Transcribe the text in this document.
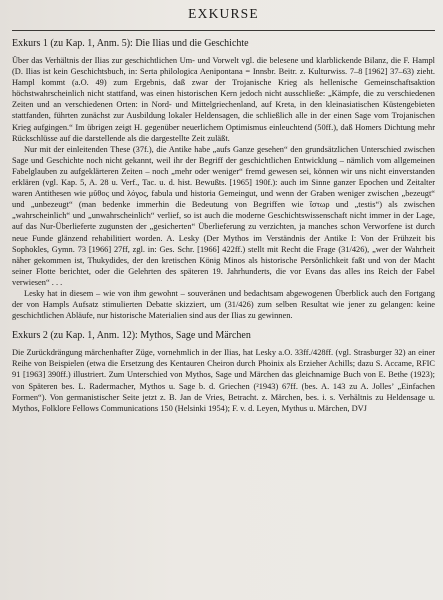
EXKURSE
Exkurs 1 (zu Kap. 1, Anm. 5): Die Ilias und die Geschichte

Über das Verhältnis der Ilias zur geschichtlichen Um- und Vorwelt vgl. die belesene und klarblickende Bilanz, die F. Hampl (D. Ilias ist kein Geschichtsbuch, in: Serta philologica Aenipontana = Innsbr. Beitr. z. Kulturwiss. 7–8 [1962] 37–63) zieht. Hampl kommt (a.O. 49) zum Ergebnis, daß zwar der Trojanische Krieg als hellenische Gemeinschaftsaktion höchstwahrscheinlich nicht stattfand, was einen historischen Kern jedoch nicht ausschließe: „Kämpfe, die zu verschiedenen Zeiten und an verschiedenen Orten: in Nord- und Mittelgriechenland, auf Kreta, in den kleinasiatischen Küstengebieten stattfanden, führten zunächst zur Ausbildung lokaler Heldensagen, die schließlich alle in der einen Sage vom Trojanischen Krieg aufgingen.“ Im übrigen zeigt H. gegenüber neuerlichem Optimismus einleuchtend (50ff.), daß Homers Dichtung mehr Rückschlüsse auf die darstellende als die dargestellte Zeit zuläßt.

Nur mit der einleitenden These (37f.), die Antike habe „aufs Ganze gesehen“ den grundsätzlichen Unterschied zwischen Sage und Geschichte noch nicht gekannt, weil ihr der Begriff der geschichtlichen Entwicklung – nämlich vom allgemeinen Fabelglauben zu aufgeklärteren Zeiten – noch „mehr oder weniger“ fremd gewesen sei, können wir uns nicht einverstanden erklären (vgl. Kap. 5, A. 28 u. Verf., Tac. u. d. hist. Bewußts. [1965] 190f.): auch im Sinne ganzer Epochen und Zeitalter waren Antithesen wie μῦθος und λόγος, fabula und historia Gemeingut, und wenn der Graben weniger zwischen „bezeugt“ und „unbezeugt“ (man bedenke immerhin die Bedeutung von Begriffen wie ἵστωρ und „testis“) als zwischen „wahrscheinlich“ und „unwahrscheinlich“ verlief, so ist auch die moderne Geschichtswissenschaft nicht immer in der Lage, auf das Nur-Überlieferte zugunsten der „gesicherten“ Überlieferung zu verzichten, ja manches schon Verworfene ist durch neue Funde glänzend rehabilitiert worden. A. Lesky (Der Mythos im Verständnis der Antike I: Von der Frühzeit bis Sophokles, Gymn. 73 [1966] 27ff, zgl. in: Ges. Schr. [1966] 422ff.) stellt mit Recht die Frage (31/426), „wer der Wahrheit näher gekommen ist, Thukydides, der den kretischen König Minos als historische Persönlichkeit faßt und von der Macht seiner Flotte berichtet, oder die Gelehrten des späteren 19. Jahrhunderts, die vor Evans das alles ins Reich der Fabel verwiesen“ . . .

Lesky hat in diesem – wie von ihm gewohnt – souveränen und bedachtsam abgewogenen Überblick auch den Fortgang der von Hampls Aufsatz stimulierten Debatte skizziert, um (31/426) zum selben Resultat wie jener zu gelangen: keine geschichtlichen Abläufe, nur historische Materialien sind aus der Ilias zu gewinnen.

Exkurs 2 (zu Kap. 1, Anm. 12): Mythos, Sage und Märchen

Die Zurückdrängung märchenhafter Züge, vornehmlich in der Ilias, hat Lesky a.O. 33ff./428ff. (vgl. Strasburger 32) an einer Reihe von Beispielen (etwa die Ersetzung des Kentauren Cheiron durch Phoinix als Erzieher Achills; dazu S. Accame, RFIC 91 [1963] 390ff.) illustriert. Zum Unterschied von Mythos, Sage und Märchen das gleichnamige Buch von E. Bethe (1923); von Späteren bes. L. Radermacher, Mythos u. Sage b. d. Griechen (²1943) 67ff. (bes. A. 143 zu A. Jolles’ „Einfachen Formen“). Von germanistischer Seite jetzt z. B. Jan de Vries, Betracht. z. Märchen, bes. i. s. Verhältnis zu Heldensage u. Mythos, Folklore Fellows Communications 150 (Helsinki 1954); F. v. d. Leyen, Mythus u. Märchen, DVJ
